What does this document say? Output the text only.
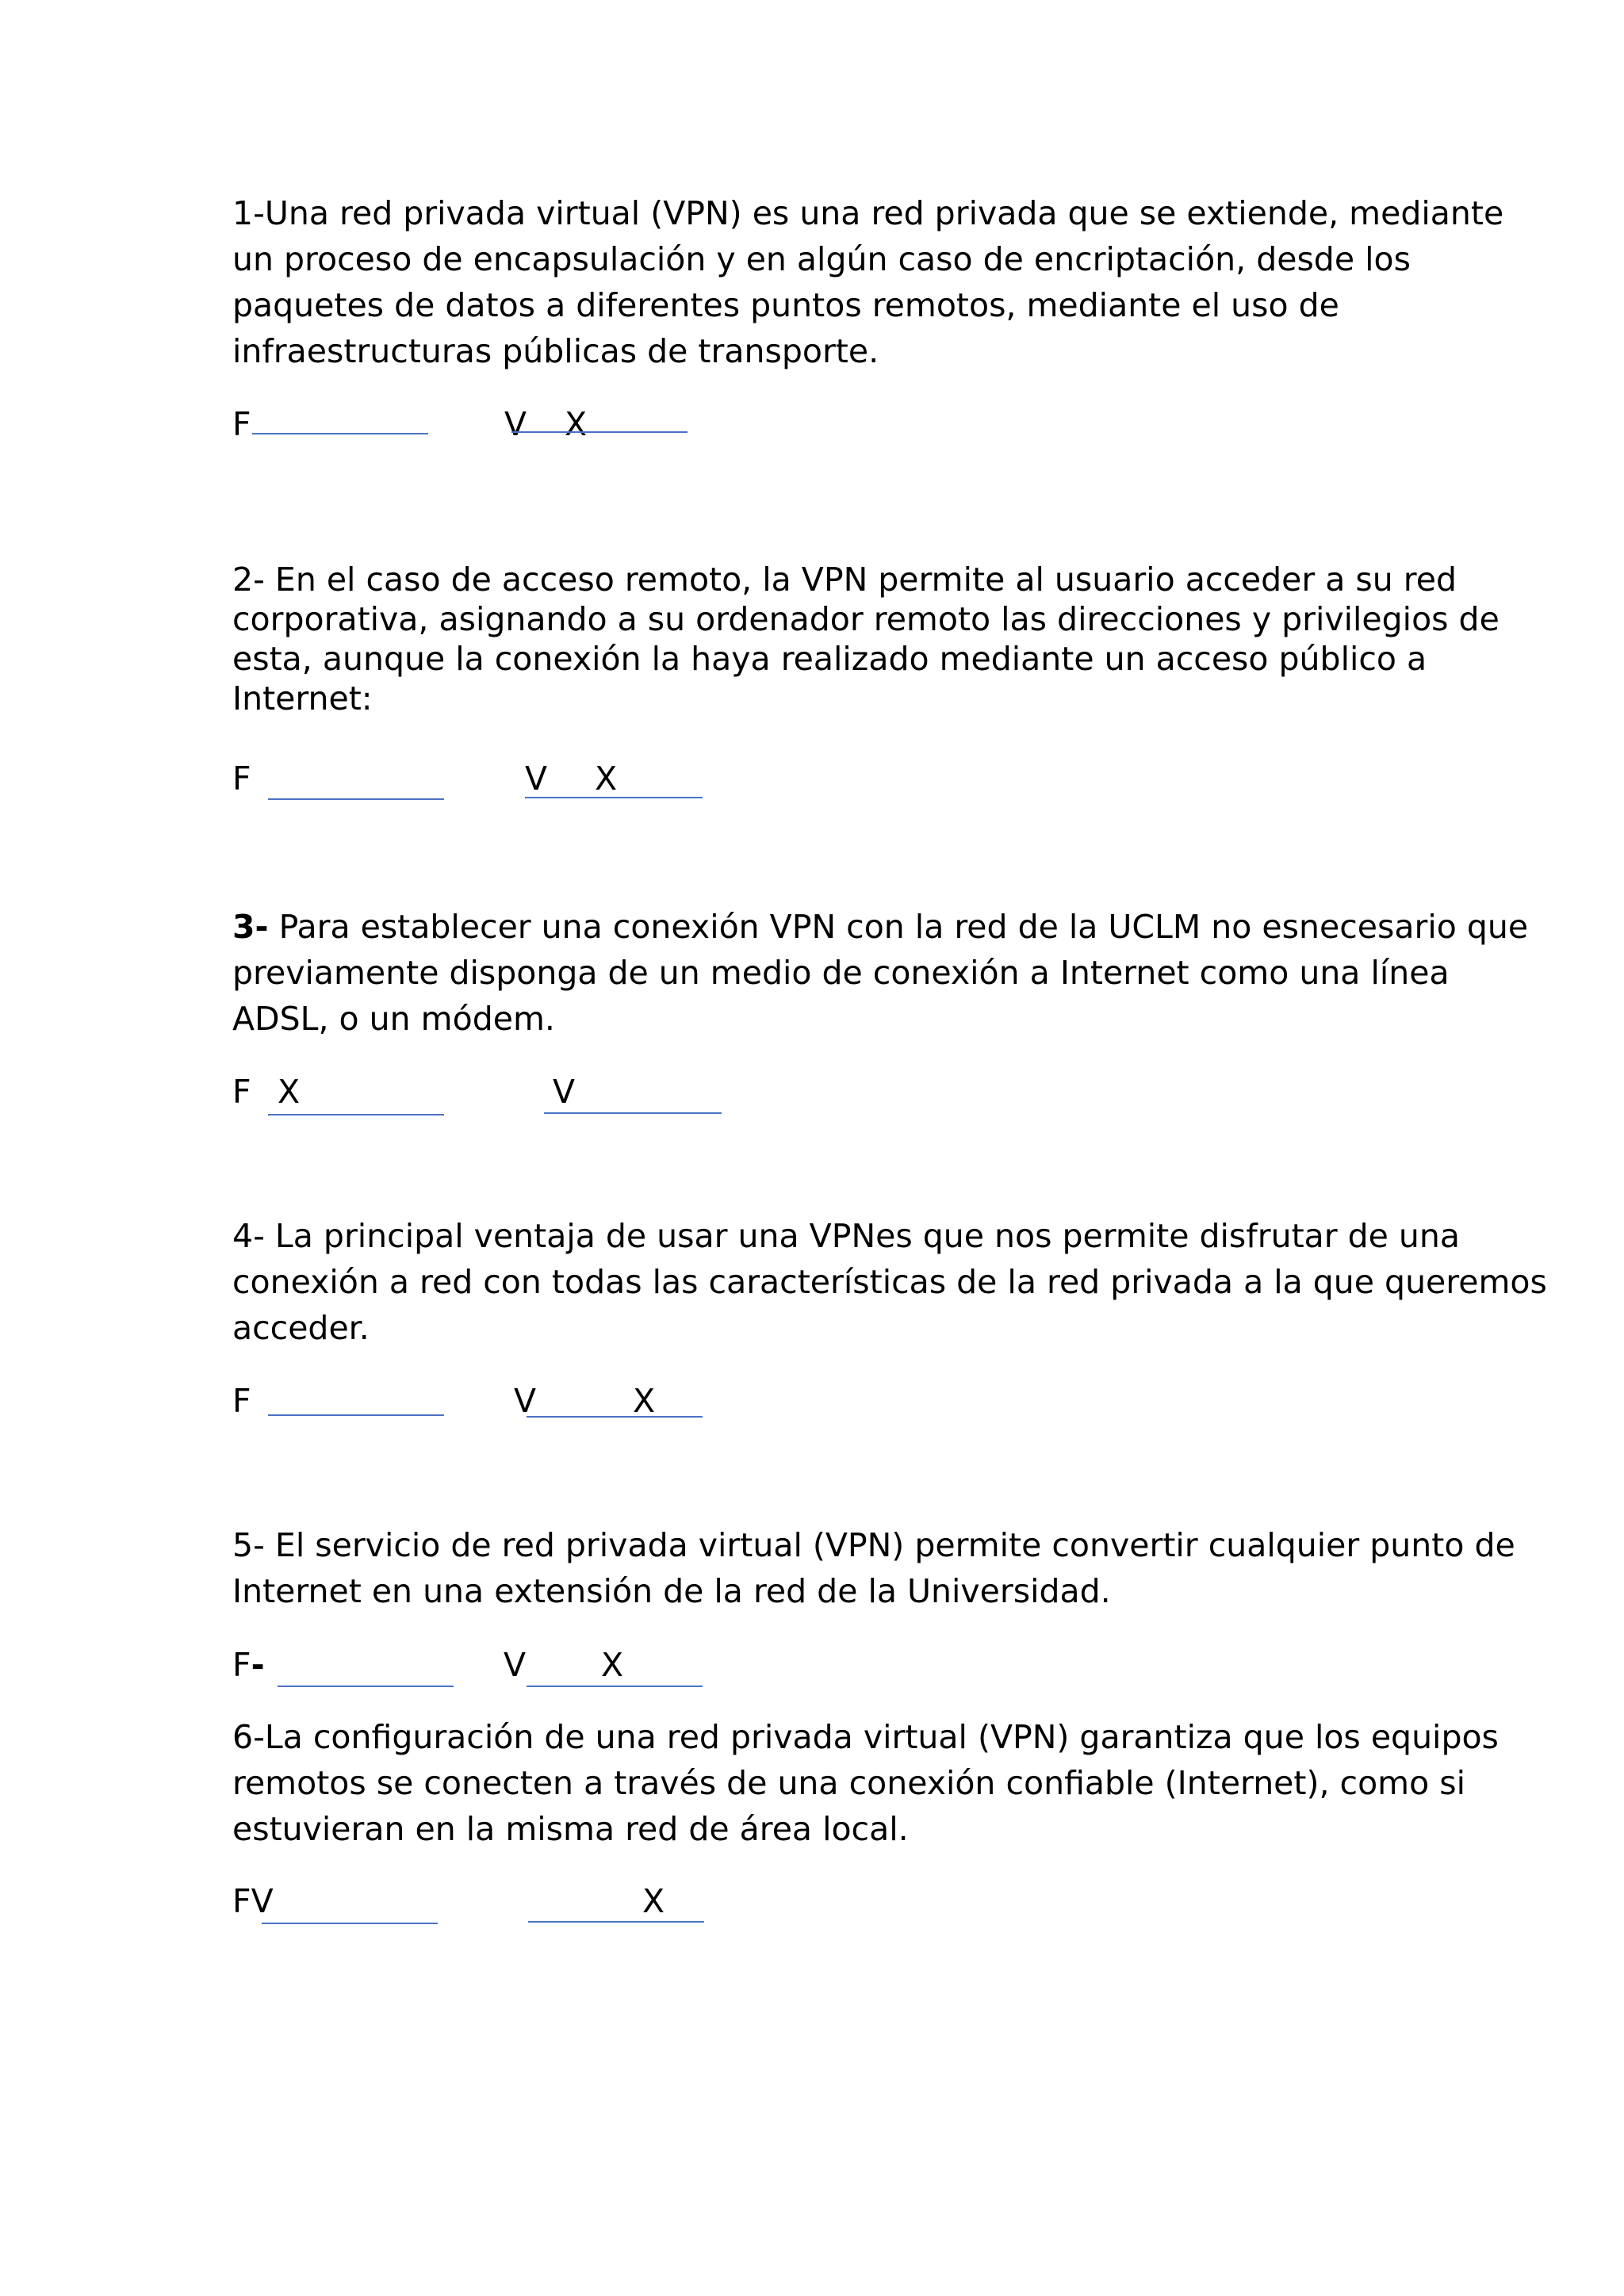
1-Una red privada virtual (VPN) es una red privada que se extiende, mediante
un proceso de encapsulación y en algún caso de encriptación, desde los
paquetes de datos a diferentes puntos remotos, mediante el uso de
infraestructuras públicas de transporte.
F	V X
2- En el caso de acceso remoto, la VPN permite al usuario acceder a su red
corporativa, asignando a su ordenador remoto las direcciones y privilegios de
esta, aunque la conexión la haya realizado mediante un acceso público a
Internet:
F	V X
3- Para establecer una conexión VPN con la red de la UCLM no esnecesario que
previamente disponga de un medio de conexión a Internet como una línea
ADSL, o un módem.
F X	V
4- La principal ventaja de usar una VPNes que nos permite disfrutar de una
conexión a red con todas las características de la red privada a la que queremos
acceder.
F	V	X
5- El servicio de red privada virtual (VPN) permite convertir cualquier punto de
Internet en una extensión de la red de la Universidad.
F-	V X
6-La configuración de una red privada virtual (VPN) garantiza que los equipos
remotos se conecten a través de una conexión confiable (Internet), como si
estuvieran en la misma red de área local.
FV	X
